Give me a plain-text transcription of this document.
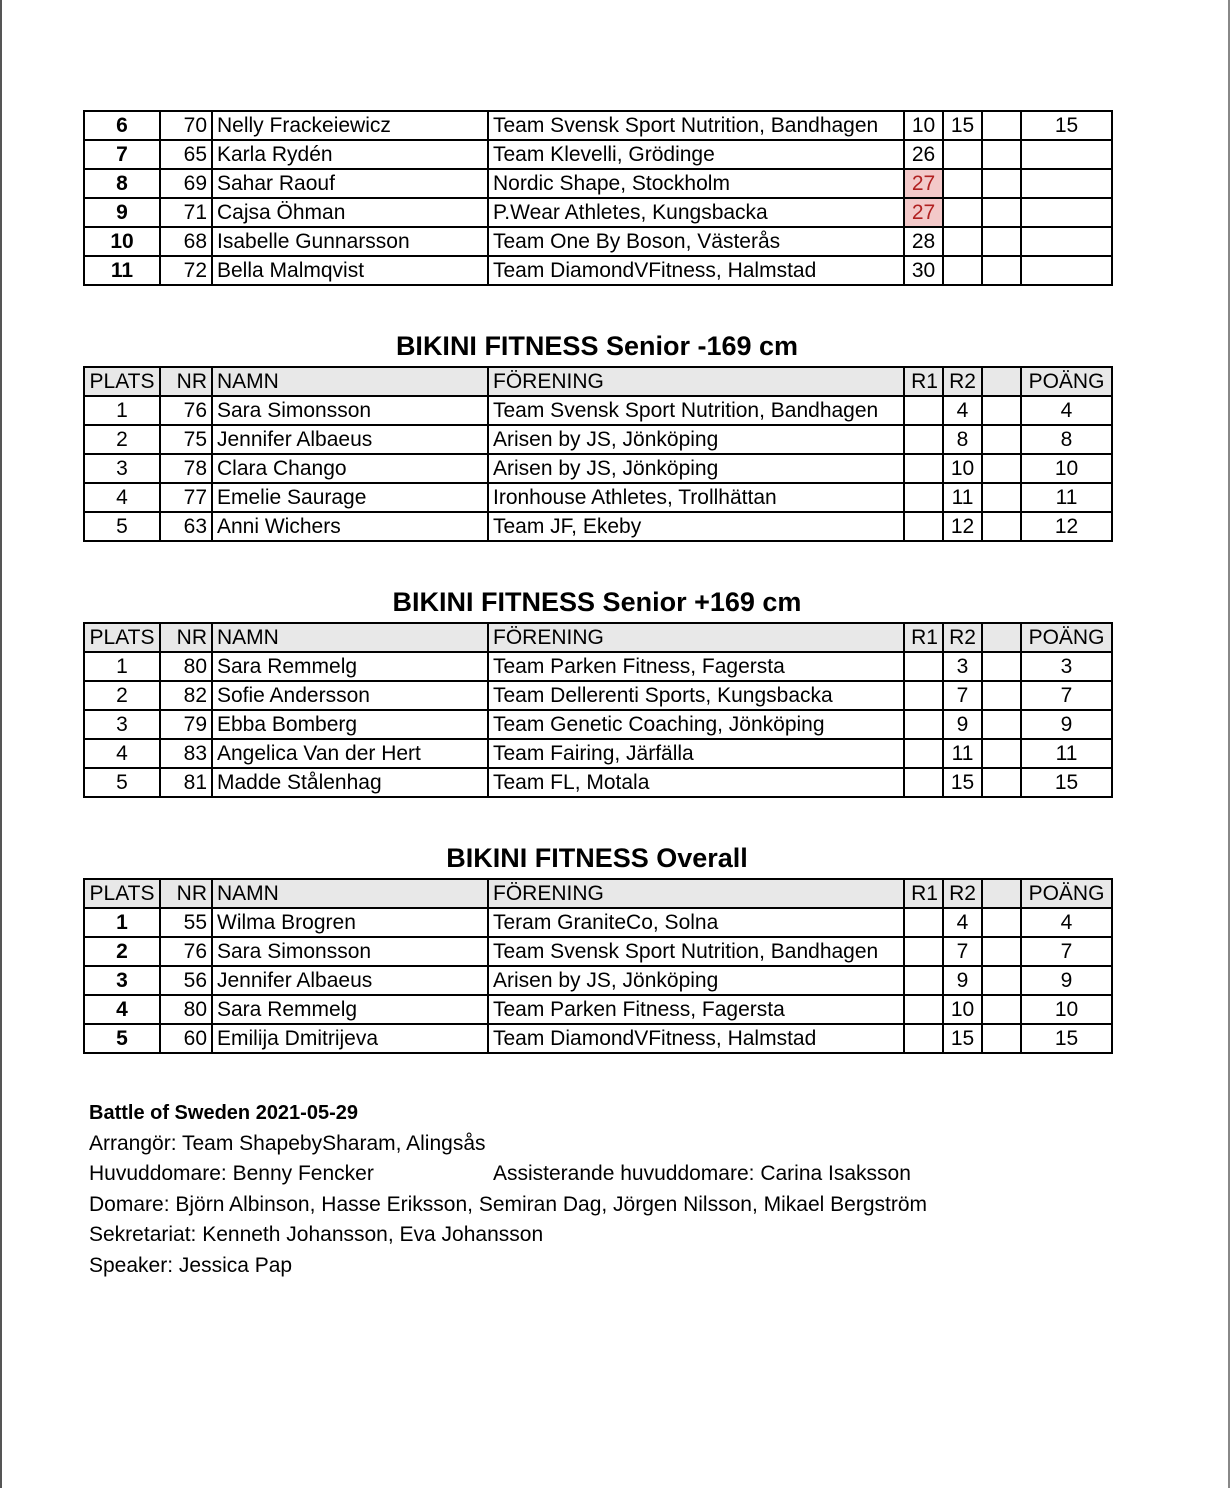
6	70	Nelly Frackeiewicz	Team Svensk Sport Nutrition, Bandhagen	10	15		15
7	65	Karla Rydén	Team Klevelli, Grödinge	26			
8	69	Sahar Raouf	Nordic Shape, Stockholm	27			
9	71	Cajsa Öhman	P.Wear Athletes, Kungsbacka	27			
10	68	Isabelle Gunnarsson	Team One By Boson, Västerås	28			
11	72	Bella Malmqvist	Team DiamondVFitness, Halmstad	30			
BIKINI FITNESS Senior -169 cm
PLATS	NR	NAMN	FÖRENING	R1	R2		POÄNG
1	76	Sara Simonsson	Team Svensk Sport Nutrition, Bandhagen		4		4
2	75	Jennifer Albaeus	Arisen by JS, Jönköping		8		8
3	78	Clara Chango	Arisen by JS, Jönköping		10		10
4	77	Emelie Saurage	Ironhouse Athletes, Trollhättan		11		11
5	63	Anni Wichers	Team JF, Ekeby		12		12
BIKINI FITNESS Senior +169 cm
PLATS	NR	NAMN	FÖRENING	R1	R2		POÄNG
1	80	Sara Remmelg	Team Parken Fitness, Fagersta		3		3
2	82	Sofie Andersson	Team Dellerenti Sports, Kungsbacka		7		7
3	79	Ebba Bomberg	Team Genetic Coaching, Jönköping		9		9
4	83	Angelica Van der Hert	Team Fairing, Järfälla		11		11
5	81	Madde Stålenhag	Team FL, Motala		15		15
BIKINI FITNESS Overall
PLATS	NR	NAMN	FÖRENING	R1	R2		POÄNG
1	55	Wilma Brogren	Teram GraniteCo, Solna		4		4
2	76	Sara Simonsson	Team Svensk Sport Nutrition, Bandhagen		7		7
3	56	Jennifer Albaeus	Arisen by JS, Jönköping		9		9
4	80	Sara Remmelg	Team Parken Fitness, Fagersta		10		10
5	60	Emilija Dmitrijeva	Team DiamondVFitness, Halmstad		15		15
Battle of Sweden 2021-05-29
Arrangör: Team ShapebySharam, Alingsås
Huvuddomare: Benny Fencker	Assisterande huvuddomare: Carina Isaksson
Domare: Björn Albinson, Hasse Eriksson, Semiran Dag, Jörgen Nilsson, Mikael Bergström
Sekretariat: Kenneth Johansson, Eva Johansson
Speaker: Jessica Pap
